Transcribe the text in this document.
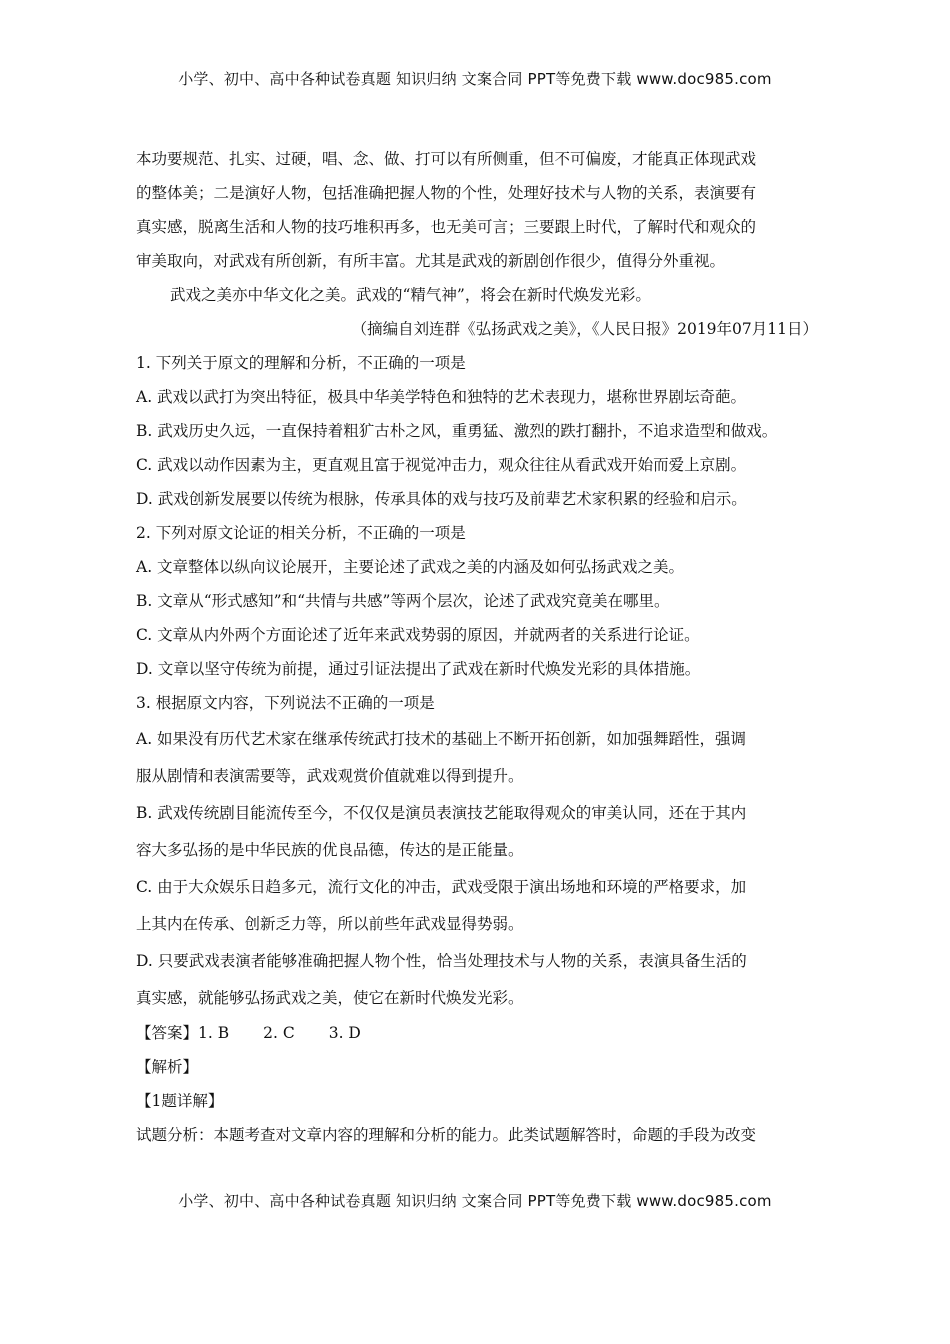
小学、初中、高中各种试卷真题 知识归纳 文案合同 PPT等免费下载 www.doc985.com
本功要规范、扎实、过硬，唱、念、做、打可以有所侧重，但不可偏废，才能真正体现武戏
的整体美；二是演好人物，包括准确把握人物的个性，处理好技术与人物的关系，表演要有
真实感，脱离生活和人物的技巧堆积再多，也无美可言；三要跟上时代，了解时代和观众的
审美取向，对武戏有所创新，有所丰富。尤其是武戏的新剧创作很少，值得分外重视。
武戏之美亦中华文化之美。武戏的“精气神”，将会在新时代焕发光彩。
（摘编自刘连群《弘扬武戏之美》，《人民日报》2019年07月11日）
1. 下列关于原文的理解和分析，不正确的一项是
A. 武戏以武打为突出特征，极具中华美学特色和独特的艺术表现力，堪称世界剧坛奇葩。
B. 武戏历史久远，一直保持着粗犷古朴之风，重勇猛、激烈的跌打翻扑，不追求造型和做戏。
C. 武戏以动作因素为主，更直观且富于视觉冲击力，观众往往从看武戏开始而爱上京剧。
D. 武戏创新发展要以传统为根脉，传承具体的戏与技巧及前辈艺术家积累的经验和启示。
2. 下列对原文论证的相关分析，不正确的一项是
A. 文章整体以纵向议论展开，主要论述了武戏之美的内涵及如何弘扬武戏之美。
B. 文章从“形式感知”和“共情与共感”等两个层次，论述了武戏究竟美在哪里。
C. 文章从内外两个方面论述了近年来武戏势弱的原因，并就两者的关系进行论证。
D. 文章以坚守传统为前提，通过引证法提出了武戏在新时代焕发光彩的具体措施。
3. 根据原文内容，下列说法不正确的一项是
A. 如果没有历代艺术家在继承传统武打技术的基础上不断开拓创新，如加强舞蹈性，强调
服从剧情和表演需要等，武戏观赏价值就难以得到提升。
B. 武戏传统剧目能流传至今，不仅仅是演员表演技艺能取得观众的审美认同，还在于其内
容大多弘扬的是中华民族的优良品德，传达的是正能量。
C. 由于大众娱乐日趋多元，流行文化的冲击，武戏受限于演出场地和环境的严格要求，加
上其内在传承、创新乏力等，所以前些年武戏显得势弱。
D. 只要武戏表演者能够准确把握人物个性，恰当处理技术与人物的关系，表演具备生活的
真实感，就能够弘扬武戏之美，使它在新时代焕发光彩。
【答案】1. B 2. C 3. D
【解析】
【1题详解】
试题分析：本题考查对文章内容的理解和分析的能力。此类试题解答时，命题的手段为改变
小学、初中、高中各种试卷真题 知识归纳 文案合同 PPT等免费下载 www.doc985.com
